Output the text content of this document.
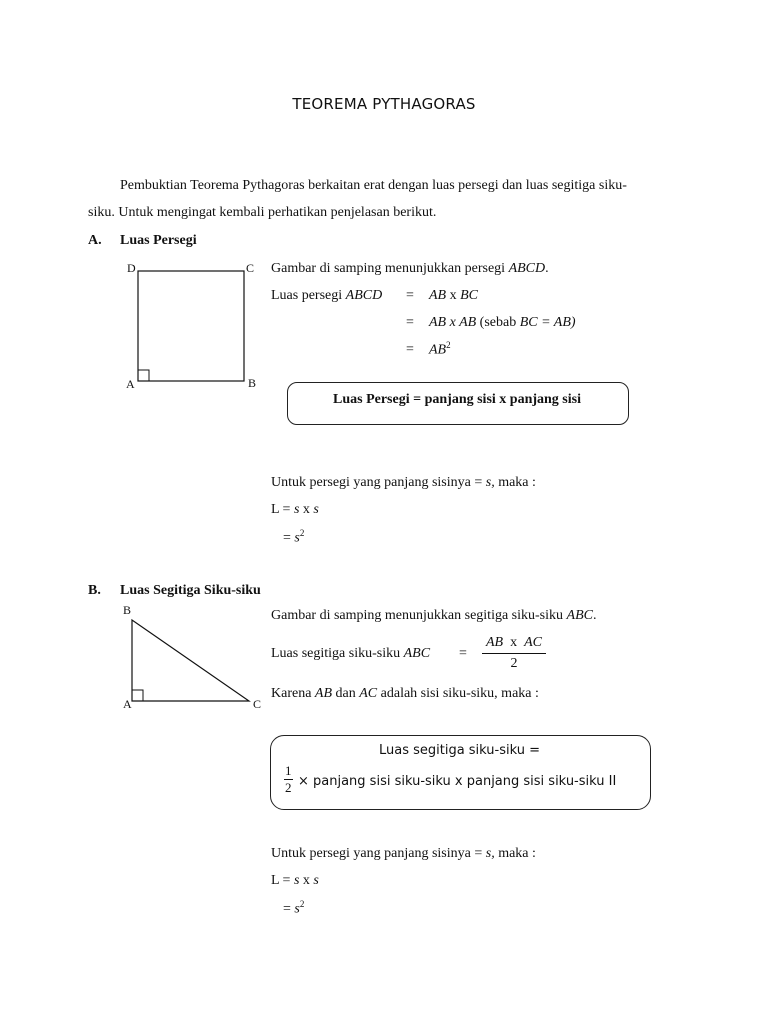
TEOREMA PYTHAGORAS
Pembuktian Teorema Pythagoras berkaitan erat dengan luas persegi dan luas segitiga siku-
siku. Untuk mengingat kembali perhatikan penjelasan berikut.
A. Luas Persegi
D	C
A	B
Gambar di samping menunjukkan persegi ABCD.
Luas persegi ABCD = AB x BC
= AB x AB (sebab BC = AB)
= $AB^2$
Luas Persegi = panjang sisi x panjang sisi
Untuk persegi yang panjang sisinya = s, maka :
L = s x s
= $s^2$
B. Luas Segitiga Siku-siku
B
A	C
Gambar di samping menunjukkan segitiga siku-siku ABC.
Luas segitiga siku-siku ABC =
AB  x  AC
2
Karena AB dan AC adalah sisi siku-siku, maka :
Luas segitiga siku-siku =
1
2 × panjang sisi siku-siku x panjang sisi siku-siku II
Untuk persegi yang panjang sisinya = s, maka :
L = s x s
= $s^2$
